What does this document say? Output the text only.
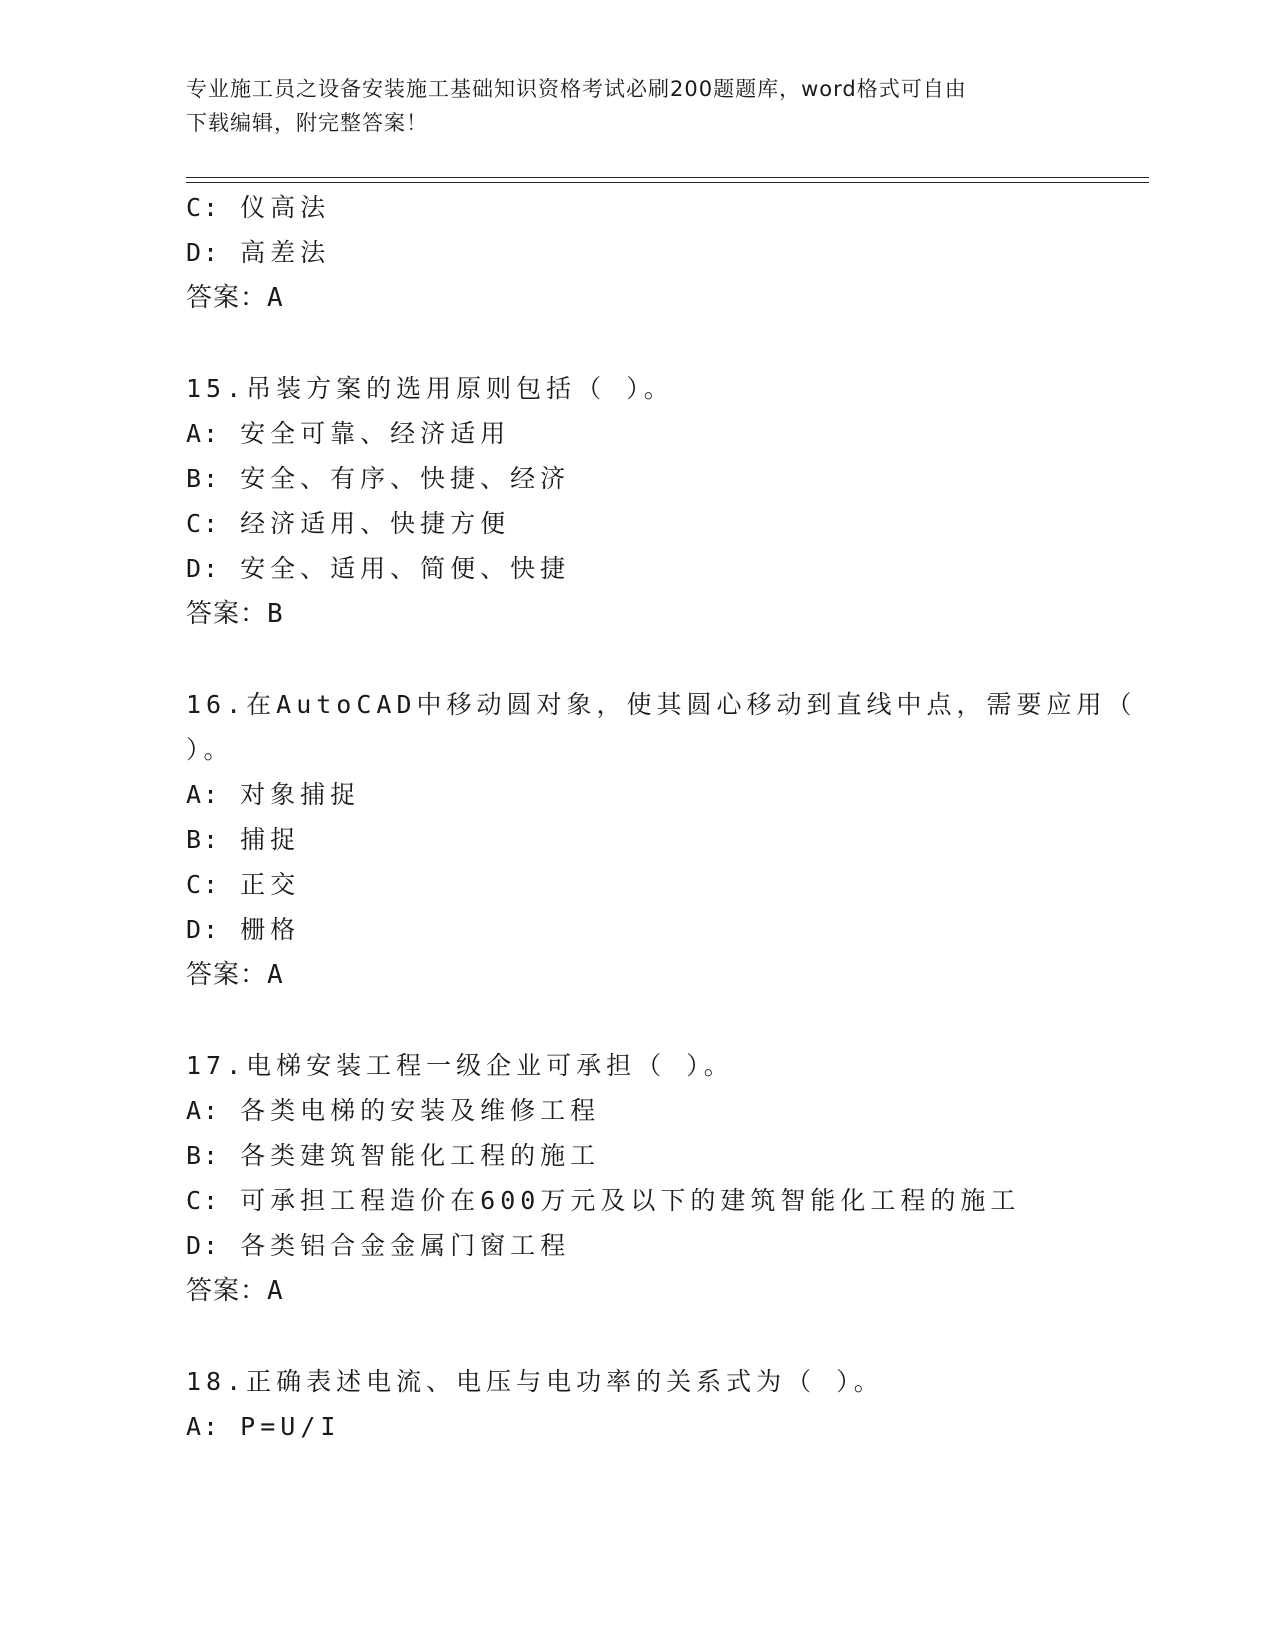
专业施工员之设备安装施工基础知识资格考试必刷200题题库，word格式可自由
下载编辑，附完整答案！
C: 仪高法
D: 高差法
答案：A
15.吊装方案的选用原则包括（ ）。
A: 安全可靠、经济适用
B: 安全、有序、快捷、经济
C: 经济适用、快捷方便
D: 安全、适用、简便、快捷
答案：B
16.在AutoCAD中移动圆对象，使其圆心移动到直线中点，需要应用（
）。
A: 对象捕捉
B: 捕捉
C: 正交
D: 栅格
答案：A
17.电梯安装工程一级企业可承担（ ）。
A: 各类电梯的安装及维修工程
B: 各类建筑智能化工程的施工
C: 可承担工程造价在600万元及以下的建筑智能化工程的施工
D: 各类铝合金金属门窗工程
答案：A
18.正确表述电流、电压与电功率的关系式为（ ）。
A: P=U/I
